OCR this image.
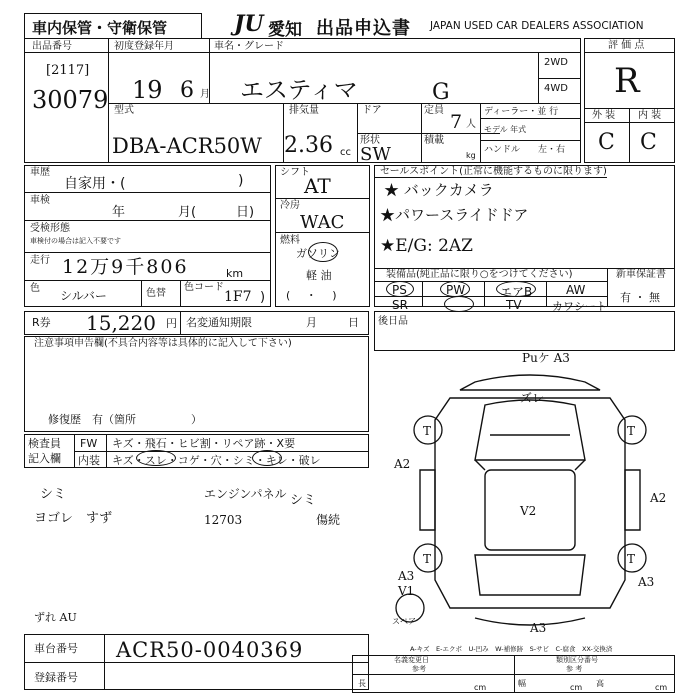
車内保管・守衛保管	JU 愛知 出品申込書 JAPAN USED CAR DEALERS ASSOCIATION
出品番号
[2117]
30079
初度登録年月
19 6 月
車名・グレード
エスティマ	G
2WD
4WD
型式
DBA-ACR50W
排気量
2.36 cc
ドア	定員
7 人
形状
SW
積載
kg
ディーラー・並 行
モデル 年式
ハンドル 左・右
評 価 点
R
外 装 内 装
C C
車歴
自家用・(	)
車検
年	月(	日)
受検形態
車検付の場合は記入不要です
走行 12万9千806	km
色
シルバー	色替
色コード
1F7 )
シフト
AT
冷房
WAC
燃料
ガソリン
軽 油
( ・ )
セールスポイント(正常に機能するものに限ります)
★ バックカメラ
★パワースライドドア
★E/G: 2AZ
装備品(純正品に限り○をつけてください)
PS	PW	エアB	AW
SR	TV	カワシート
新車保証書
有 ・ 無
R券 15,220 円 名変通知期限	月	日
注意事項申告欄(不具合内容等は具体的に記入して下さい)
修復歴　有（箇所　　　　　）
後日品
検査員
記入欄
FW キズ・飛石・ヒビ割・リペア跡・X要
内装 キズ・スレ・コゲ・穴・シミ・キレ・破レ
シミ
ヨゴレ　すず
エンジンパネル
12703
シミ
傷続
ずれ AU
Puケ A3
ズレ
T	T
A2
V2
A2
T	T
A3
V1
A3
A3
スペア
A-キズ　E-エクボ　U-凹み　W-補修跡　S-サビ　C-腐食　XX-交換済
車台番号 ACR50-0040369
登録番号
名義変更日
参考
類別区分番号
参 考
長	cm	幅	cm 高	cm
